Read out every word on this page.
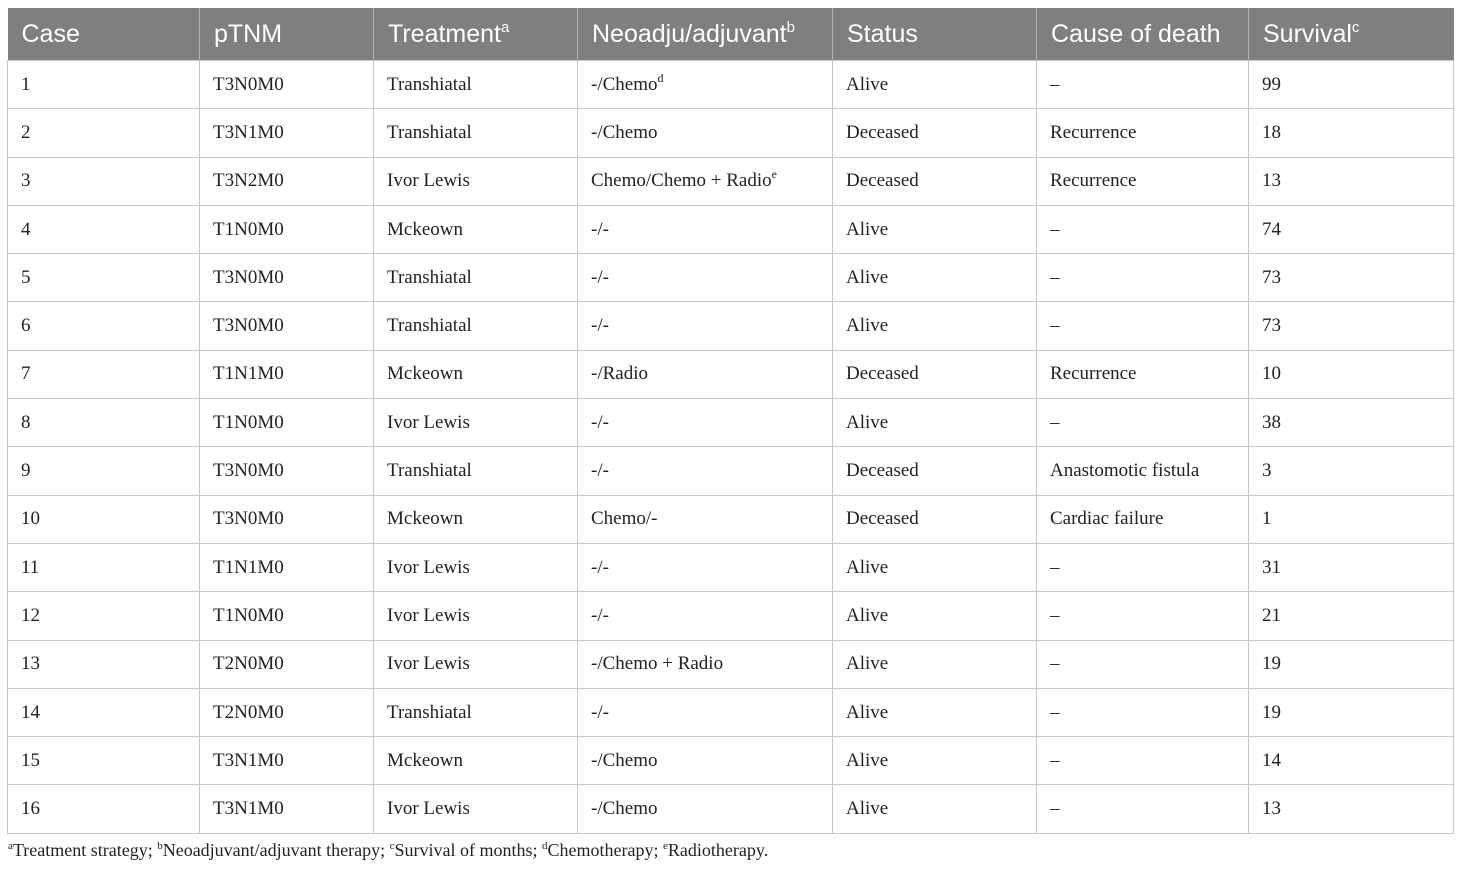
Case	pTNM	Treatment$^a$	Neoadju/adjuvant$^b$	Status	Cause of death	Survival$^c$
1	T3N0M0	Transhiatal	-/Chemo$^d$	Alive	–	99
2	T3N1M0	Transhiatal	-/Chemo	Deceased	Recurrence	18
3	T3N2M0	Ivor Lewis	Chemo/Chemo + Radio$^e$	Deceased	Recurrence	13
4	T1N0M0	Mckeown	-/-	Alive	–	74
5	T3N0M0	Transhiatal	-/-	Alive	–	73
6	T3N0M0	Transhiatal	-/-	Alive	–	73
7	T1N1M0	Mckeown	-/Radio	Deceased	Recurrence	10
8	T1N0M0	Ivor Lewis	-/-	Alive	–	38
9	T3N0M0	Transhiatal	-/-	Deceased	Anastomotic fistula	3
10	T3N0M0	Mckeown	Chemo/-	Deceased	Cardiac failure	1
11	T1N1M0	Ivor Lewis	-/-	Alive	–	31
12	T1N0M0	Ivor Lewis	-/-	Alive	–	21
13	T2N0M0	Ivor Lewis	-/Chemo + Radio	Alive	–	19
14	T2N0M0	Transhiatal	-/-	Alive	–	19
15	T3N1M0	Mckeown	-/Chemo	Alive	–	14
16	T3N1M0	Ivor Lewis	-/Chemo	Alive	–	13
$^a$Treatment strategy; $^b$Neoadjuvant/adjuvant therapy; $^c$Survival of months; $^d$Chemotherapy; $^e$Radiotherapy.
